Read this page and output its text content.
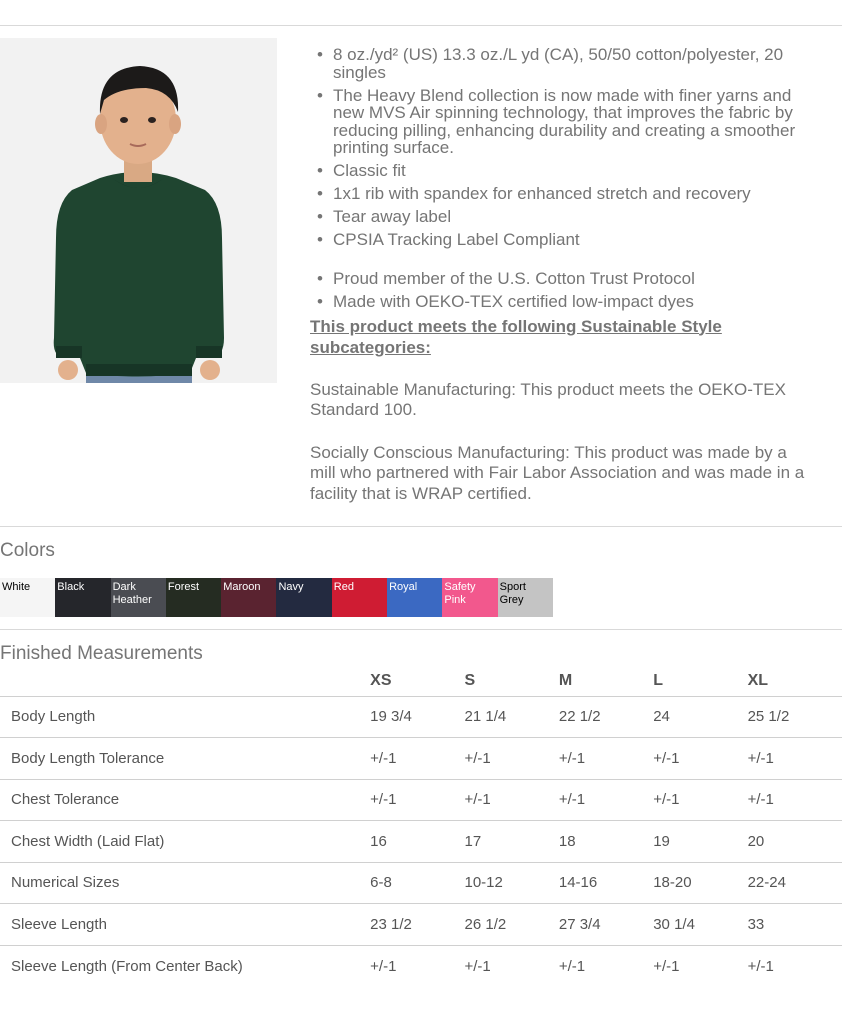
• 8 oz./yd² (US) 13.3 oz./L yd (CA), 50/50 cotton/polyester, 20 singles
• The Heavy Blend collection is now made with finer yarns and new MVS Air spinning technology, that improves the fabric by reducing pilling, enhancing durability and creating a smoother printing surface.
• Classic fit
• 1x1 rib with spandex for enhanced stretch and recovery
• Tear away label
• CPSIA Tracking Label Compliant
• Proud member of the U.S. Cotton Trust Protocol
• Made with OEKO-TEX certified low-impact dyes
This product meets the following Sustainable Style subcategories:

Sustainable Manufacturing: This product meets the OEKO-TEX Standard 100.

Socially Conscious Manufacturing: This product was made by a mill who partnered with Fair Labor Association and was made in a facility that is WRAP certified.

Colors
White	Black	Dark Heather
Forest	Maroon	Navy	Red	Royal	Safety Pink
Sport Grey
Finished Measurements
	XS	S	M	L	XL
Body Length	19 3/4	21 1/4	22 1/2	24	25 1/2
Body Length Tolerance	+/-1	+/-1	+/-1	+/-1	+/-1
Chest Tolerance	+/-1	+/-1	+/-1	+/-1	+/-1
Chest Width (Laid Flat)	16	17	18	19	20
Numerical Sizes	6-8	10-12	14-16	18-20	22-24
Sleeve Length	23 1/2	26 1/2	27 3/4	30 1/4	33
Sleeve Length (From Center Back)	+/-1	+/-1	+/-1	+/-1	+/-1
